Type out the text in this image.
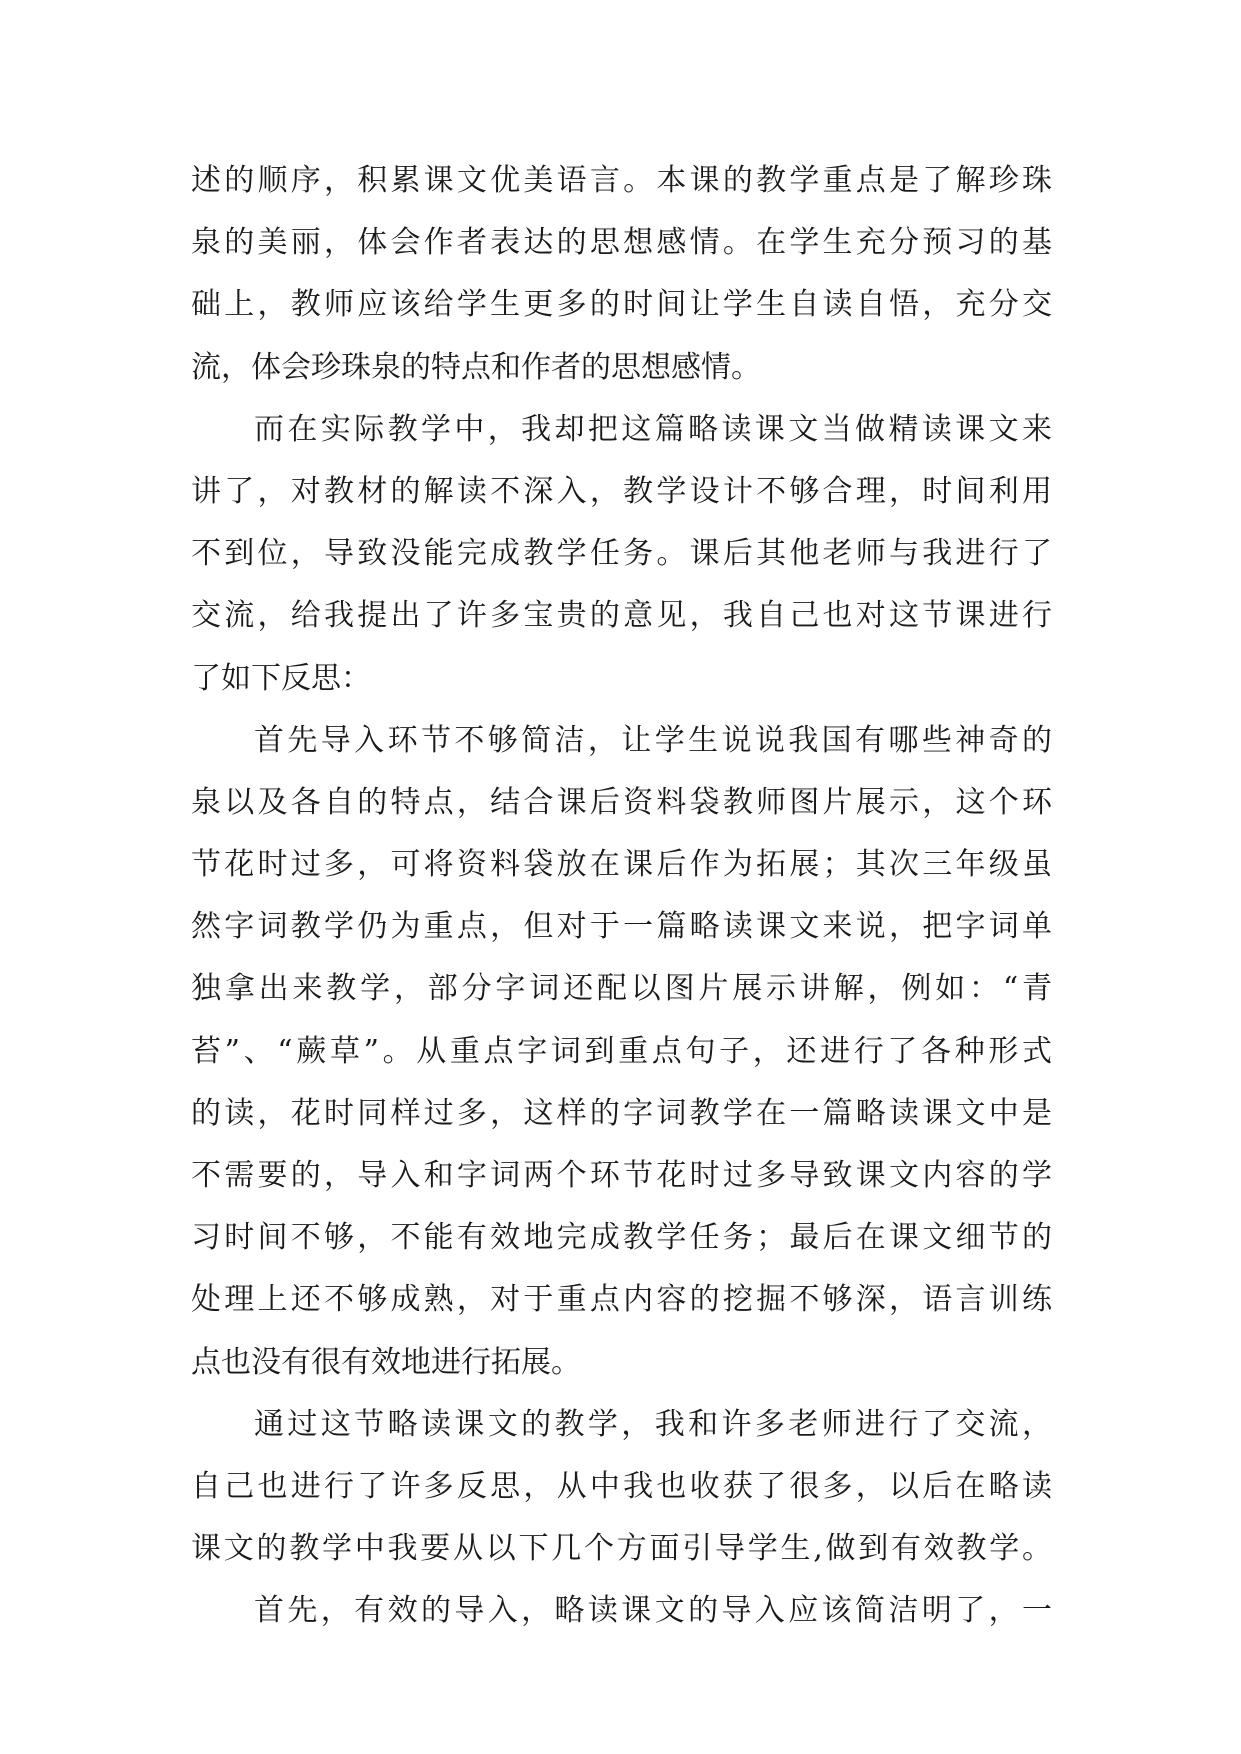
述的顺序，积累课文优美语言。本课的教学重点是了解珍珠
泉的美丽，体会作者表达的思想感情。在学生充分预习的基
础上，教师应该给学生更多的时间让学生自读自悟，充分交
流，体会珍珠泉的特点和作者的思想感情。
而在实际教学中，我却把这篇略读课文当做精读课文来
讲了，对教材的解读不深入，教学设计不够合理，时间利用
不到位，导致没能完成教学任务。课后其他老师与我进行了
交流，给我提出了许多宝贵的意见，我自己也对这节课进行
了如下反思：
首先导入环节不够简洁，让学生说说我国有哪些神奇的
泉以及各自的特点，结合课后资料袋教师图片展示，这个环
节花时过多，可将资料袋放在课后作为拓展；其次三年级虽
然字词教学仍为重点，但对于一篇略读课文来说，把字词单
独拿出来教学，部分字词还配以图片展示讲解，例如：“青
苔”、“蕨草”。从重点字词到重点句子，还进行了各种形式
的读，花时同样过多，这样的字词教学在一篇略读课文中是
不需要的，导入和字词两个环节花时过多导致课文内容的学
习时间不够，不能有效地完成教学任务；最后在课文细节的
处理上还不够成熟，对于重点内容的挖掘不够深，语言训练
点也没有很有效地进行拓展。
通过这节略读课文的教学，我和许多老师进行了交流，
自己也进行了许多反思，从中我也收获了很多，以后在略读
课文的教学中我要从以下几个方面引导学生,做到有效教学。
首先，有效的导入，略读课文的导入应该简洁明了，一
